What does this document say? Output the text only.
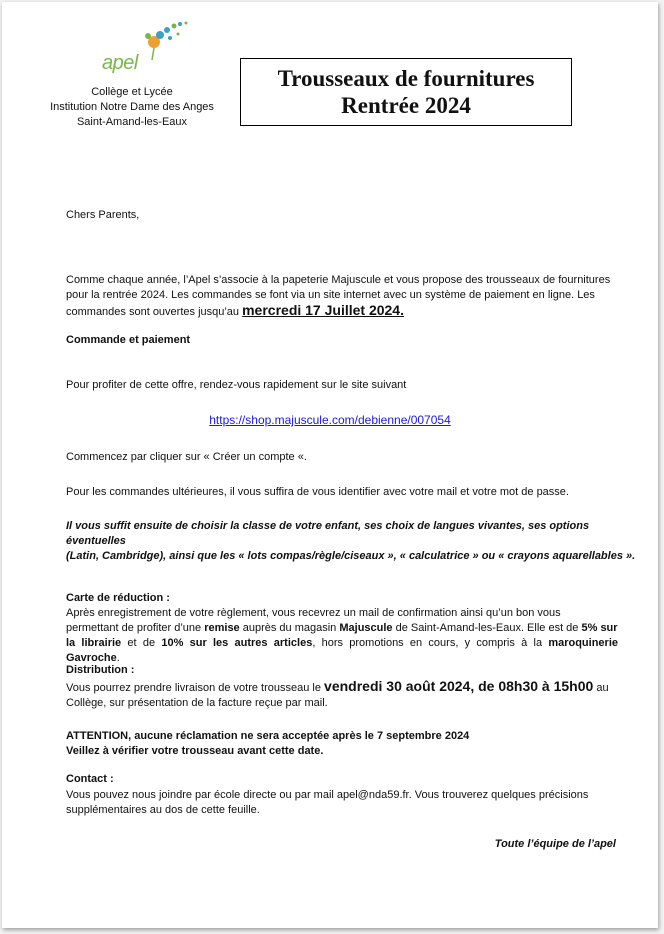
apel
Collège et Lycée
Institution Notre Dame des Anges
Saint-Amand-les-Eaux
Trousseaux de fournitures
Rentrée 2024
Chers Parents,
Comme chaque année, l’Apel s’associe à la papeterie Majuscule et vous propose des trousseaux de fournitures
pour la rentrée 2024. Les commandes se font via un site internet avec un système de paiement en ligne. Les
commandes sont ouvertes jusqu’au mercredi 17 Juillet 2024.
Commande et paiement
Pour profiter de cette offre, rendez-vous rapidement sur le site suivant
https://shop.majuscule.com/debienne/007054
Commencez par cliquer sur « Créer un compte «.
Pour les commandes ultérieures, il vous suffira de vous identifier avec votre mail et votre mot de passe.
Il vous suffit ensuite de choisir la classe de votre enfant, ses choix de langues vivantes, ses options éventuelles
(Latin, Cambridge), ainsi que les « lots compas/règle/ciseaux », « calculatrice » ou « crayons aquarellables ».
Carte de réduction :
Après enregistrement de votre règlement, vous recevrez un mail de confirmation ainsi qu’un bon vous
permettant de profiter d’une remise auprès du magasin Majuscule de Saint-Amand-les-Eaux. Elle est de 5% sur
la librairie et de 10% sur les autres articles, hors promotions en cours, y compris à la maroquinerie Gavroche.
Distribution :
Vous pourrez prendre livraison de votre trousseau le vendredi 30 août 2024, de 08h30 à 15h00 au
Collège, sur présentation de la facture reçue par mail.
ATTENTION, aucune réclamation ne sera acceptée après le 7 septembre 2024
Veillez à vérifier votre trousseau avant cette date.
Contact :
Vous pouvez nous joindre par école directe ou par mail apel@nda59.fr. Vous trouverez quelques précisions
supplémentaires au dos de cette feuille.
Toute l’équipe de l’apel
